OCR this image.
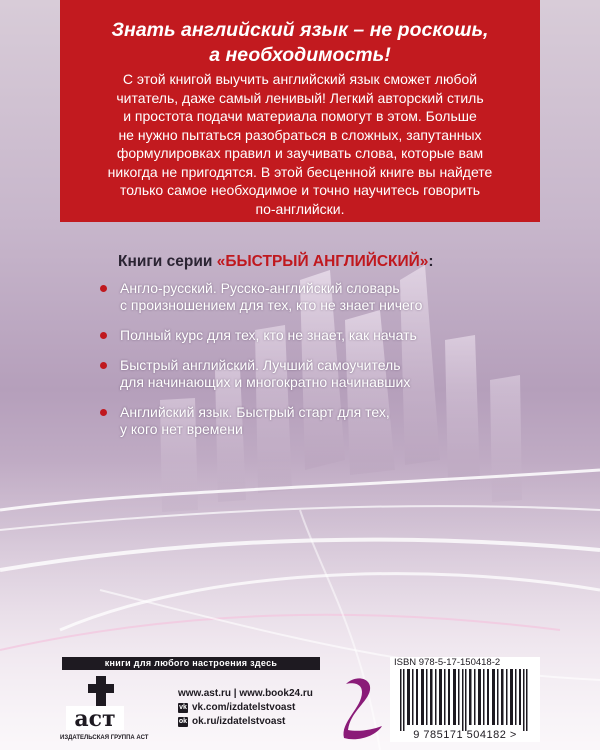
Знать английский язык – не роскошь,
а необходимость!
С этой книгой выучить английский язык сможет любой
читатель, даже самый ленивый! Легкий авторский стиль
и простота подачи материала помогут в этом. Больше
не нужно пытаться разобраться в сложных, запутанных
формулировках правил и заучивать слова, которые вам
никогда не пригодятся. В этой бесценной книге вы найдете
только самое необходимое и точно научитесь говорить
по-английски.
Книги серии «БЫСТРЫЙ АНГЛИЙСКИЙ»:
Англо-русский. Русско-английский словарь
с произношением для тех, кто не знает ничего
Полный курс для тех, кто не знает, как начать
Быстрый английский. Лучший самоучитель
для начинающих и многократно начинавших
Английский язык. Быстрый старт для тех,
у кого нет времени
книги для любого настроения здесь
аст
ИЗДАТЕЛЬСКАЯ ГРУППА АСТ
www.ast.ru | www.book24.ru
vk vk.com/izdatelstvoast
ok ok.ru/izdatelstvoast
ISBN 978-5-17-150418-2
9 785171 504182 >
